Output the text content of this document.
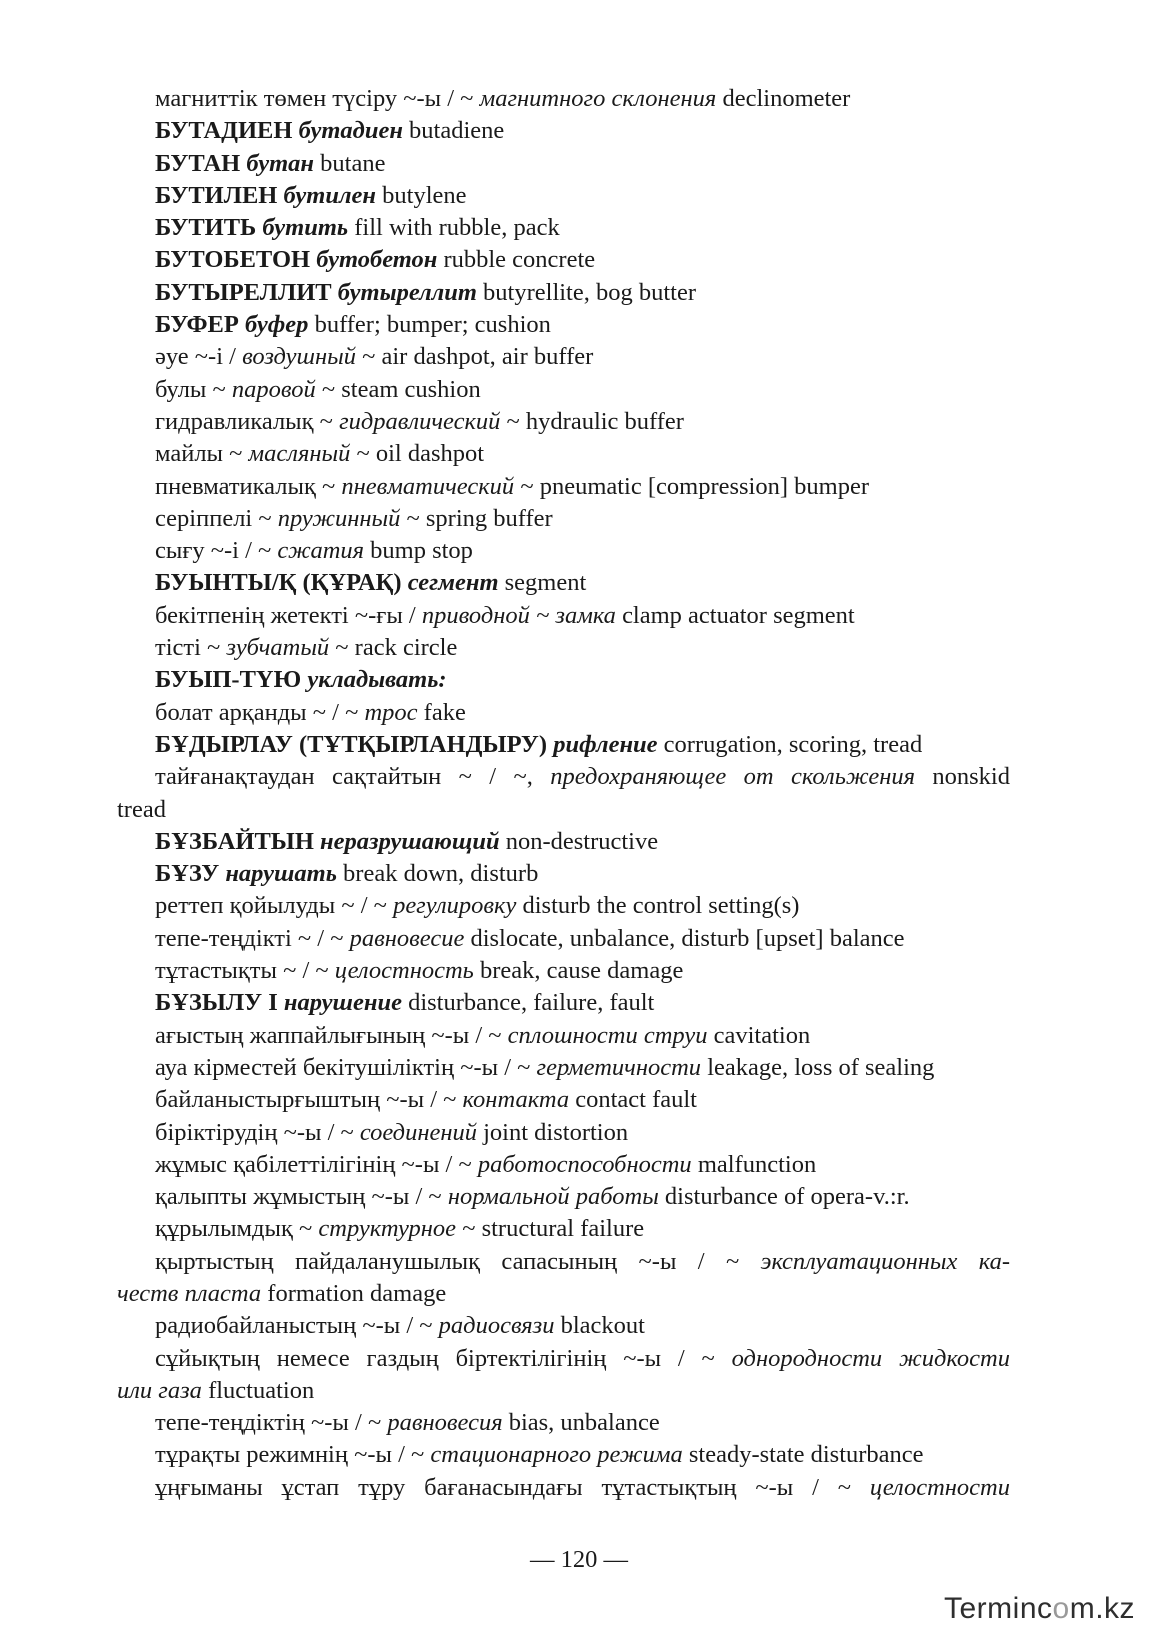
магниттік төмен түсіру ~-ы / ~ магнитного склонения declinometer
БУТАДИЕН бутадиен butadiene
БУТАН бутан butane
БУТИЛЕН бутилен butylene
БУТИТЬ бутить fill with rubble, pack
БУТОБЕТОН бутобетон rubble concrete
БУТЫРЕЛЛИТ бутыреллит butyrellite, bog butter
БУФЕР буфер buffer; bumper; cushion
әуе ~-і / воздушный ~ air dashpot, air buffer
булы ~ паровой ~ steam cushion
гидравликалық ~ гидравлический ~ hydraulic buffer
майлы ~ масляный ~ oil dashpot
пневматикалық ~ пневматический ~ pneumatic [compression] bumper
серіппелі ~ пружинный ~ spring buffer
сығу ~-і / ~ сжатия bump stop
БУЫНТЫ/Қ (ҚҰРАҚ) сегмент segment
бекітпенің жетекті ~-ғы / приводной ~ замка clamp actuator segment
тісті ~ зубчатый ~ rack circle
БУЫП-ТҮЮ укладывать:
болат арқанды ~ / ~ трос fake
БҰДЫРЛАУ (ТҰТҚЫРЛАНДЫРУ) рифление corrugation, scoring, tread
тайғанақтаудан сақтайтын ~ / ~, предохраняющее от скольжения nonskid
tread
БҰЗБАЙТЫН неразрушающий non-destructive
БҰЗУ нарушать break down, disturb
реттеп қойылуды ~ / ~ регулировку disturb the control setting(s)
тепе-теңдікті ~ / ~ равновесие dislocate, unbalance, disturb [upset] balance
тұтастықты ~ / ~ целостность break, cause damage
БҰЗЫЛУ I нарушение disturbance, failure, fault
ағыстың жаппайлығының ~-ы / ~ сплошности струи cavitation
ауа кірместей бекітушіліктің ~-ы / ~ герметичности leakage, loss of sealing
байланыстырғыштың ~-ы / ~ контакта contact fault
біріктірудің ~-ы / ~ соединений joint distortion
жұмыс қабілеттілігінің ~-ы / ~ работоспособности malfunction
қалыпты жұмыстың ~-ы / ~ нормальной работы disturbance of opera-v.:r.
құрылымдық ~ структурное ~ structural failure
қыртыстың пайдаланушылық сапасының ~-ы / ~ эксплуатационных ка-
честв пласта formation damage
радиобайланыстың ~-ы / ~ радиосвязи blackout
сұйықтың немесе газдың біртектілігінің ~-ы / ~ однородности жидкости
или газа fluctuation
тепе-теңдіктің ~-ы / ~ равновесия bias, unbalance
тұрақты режимнің ~-ы / ~ стационарного режима steady-state disturbance
ұңғыманы ұстап тұру бағанасындағы тұтастықтың ~-ы / ~ целостности
— 120 —
Termincom.kz
